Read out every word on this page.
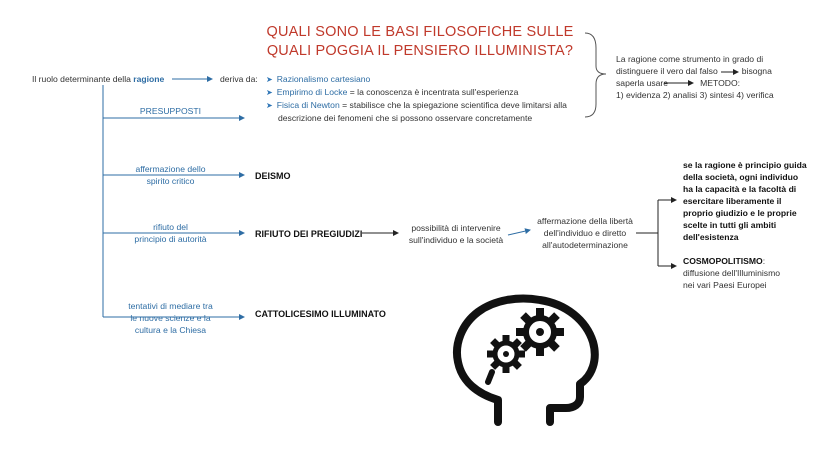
QUALI SONO LE BASI FILOSOFICHE SULLE
QUALI POGGIA IL PENSIERO ILLUMINISTA?
Il ruolo determinante della ragione	deriva da: ➤ Razionalismo cartesiano
➤ Empirimo di Locke = la conoscenza è incentrata sull'esperienza
➤ Fisica di Newton = stabilisce che la spiegazione scientifica deve limitarsi alla
descrizione dei fenomeni che si possono osservare concretamente
La ragione come strumento in grado di
distinguere il vero dal falso	bisogna
saperla usare	METODO:
1) evidenza 2) analisi 3) sintesi 4) verifica
PRESUPPOSTI
affermazione dello
spirito critico	DEISMO
rifiuto del
principio di autorità	RIFIUTO DEI PREGIUDIZI
possibilità di intervenire
sull'individuo e la società
affermazione della libertà
dell'individuo e diretto
all'autodeterminazione
tentativi di mediare tra
le nuove scienze e la
cultura e la Chiesa
CATTOLICESIMO ILLUMINATO
se la ragione è principio guida
della società, ogni individuo
ha la capacità e la facoltà di
esercitare liberamente il
proprio giudizio e le proprie
scelte in tutti gli ambiti
dell'esistenza
COSMOPOLITISMO:
diffusione dell'Illuminismo
nei vari Paesi Europei
